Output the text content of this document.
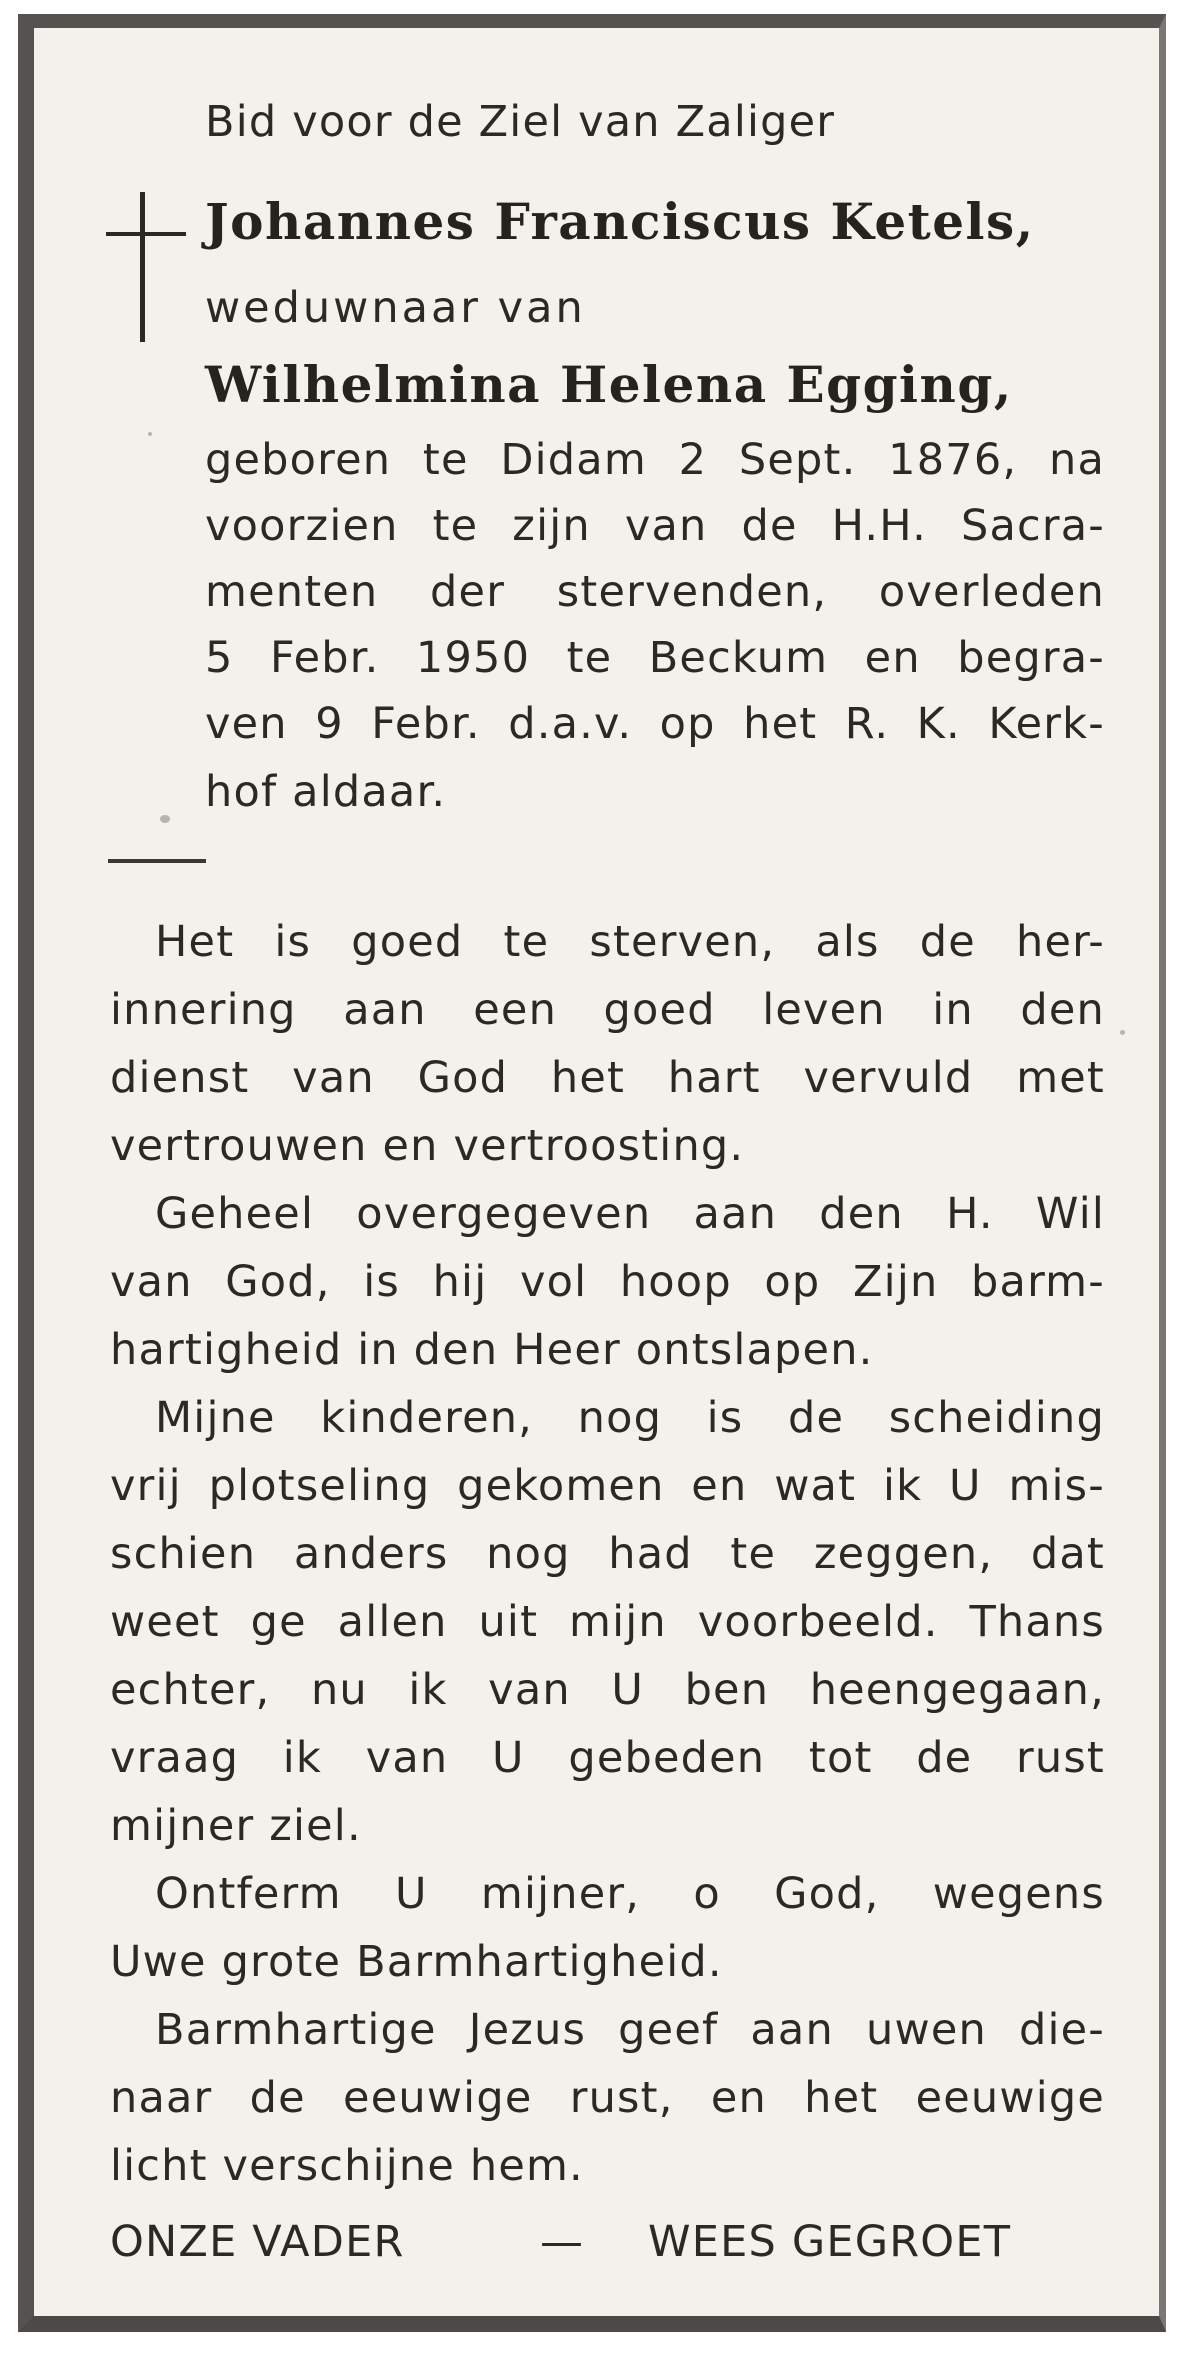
Bid voor de Ziel van Zaliger
Johannes Franciscus Ketels,
weduwnaar van
Wilhelmina Helena Egging,
geboren te Didam 2 Sept. 1876, na
voorzien te zijn van de H.H. Sacra-
menten der stervenden, overleden
5 Febr. 1950 te Beckum en begra-
ven 9 Febr. d.a.v. op het R. K. Kerk-
hof aldaar.
Het is goed te sterven, als de her-
innering aan een goed leven in den
dienst van God het hart vervuld met
vertrouwen en vertroosting.
Geheel overgegeven aan den H. Wil
van God, is hij vol hoop op Zijn barm-
hartigheid in den Heer ontslapen.
Mijne kinderen, nog is de scheiding
vrij plotseling gekomen en wat ik U mis-
schien anders nog had te zeggen, dat
weet ge allen uit mijn voorbeeld. Thans
echter, nu ik van U ben heengegaan,
vraag ik van U gebeden tot de rust
mijner ziel.
Ontferm U mijner, o God, wegens
Uwe grote Barmhartigheid.
Barmhartige Jezus geef aan uwen die-
naar de eeuwige rust, en het eeuwige
licht verschijne hem.
ONZE VADER	— WEES GEGROET
